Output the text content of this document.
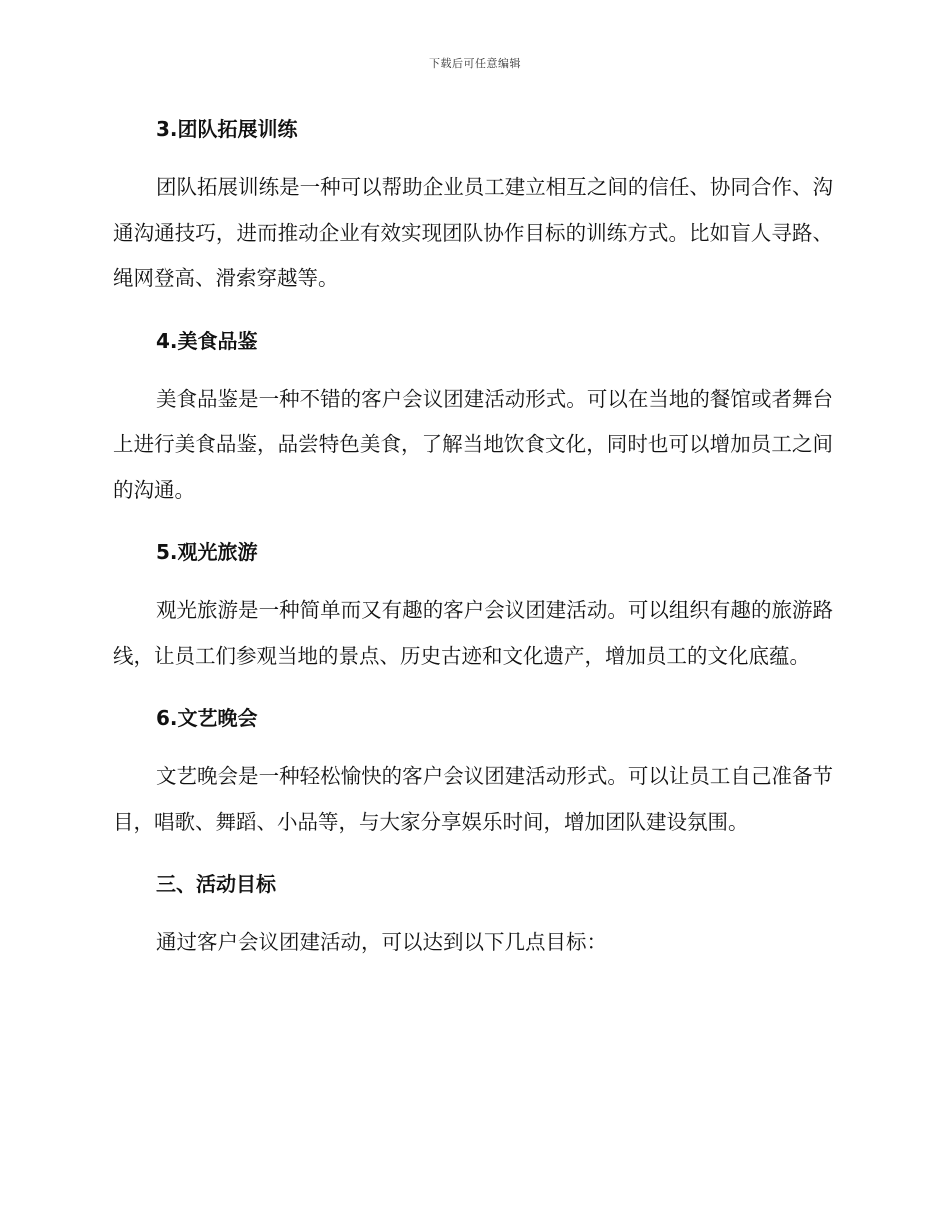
下载后可任意编辑
3.团队拓展训练

团队拓展训练是一种可以帮助企业员工建立相互之间的信任、协同合作、沟通沟通技巧，进而推动企业有效实现团队协作目标的训练方式。比如盲人寻路、绳网登高、滑索穿越等。

4.美食品鉴

美食品鉴是一种不错的客户会议团建活动形式。可以在当地的餐馆或者舞台上进行美食品鉴，品尝特色美食，了解当地饮食文化，同时也可以增加员工之间的沟通。

5.观光旅游

观光旅游是一种简单而又有趣的客户会议团建活动。可以组织有趣的旅游路线，让员工们参观当地的景点、历史古迹和文化遗产，增加员工的文化底蕴。

6.文艺晚会

文艺晚会是一种轻松愉快的客户会议团建活动形式。可以让员工自己准备节目，唱歌、舞蹈、小品等，与大家分享娱乐时间，增加团队建设氛围。

三、活动目标

通过客户会议团建活动，可以达到以下几点目标：
